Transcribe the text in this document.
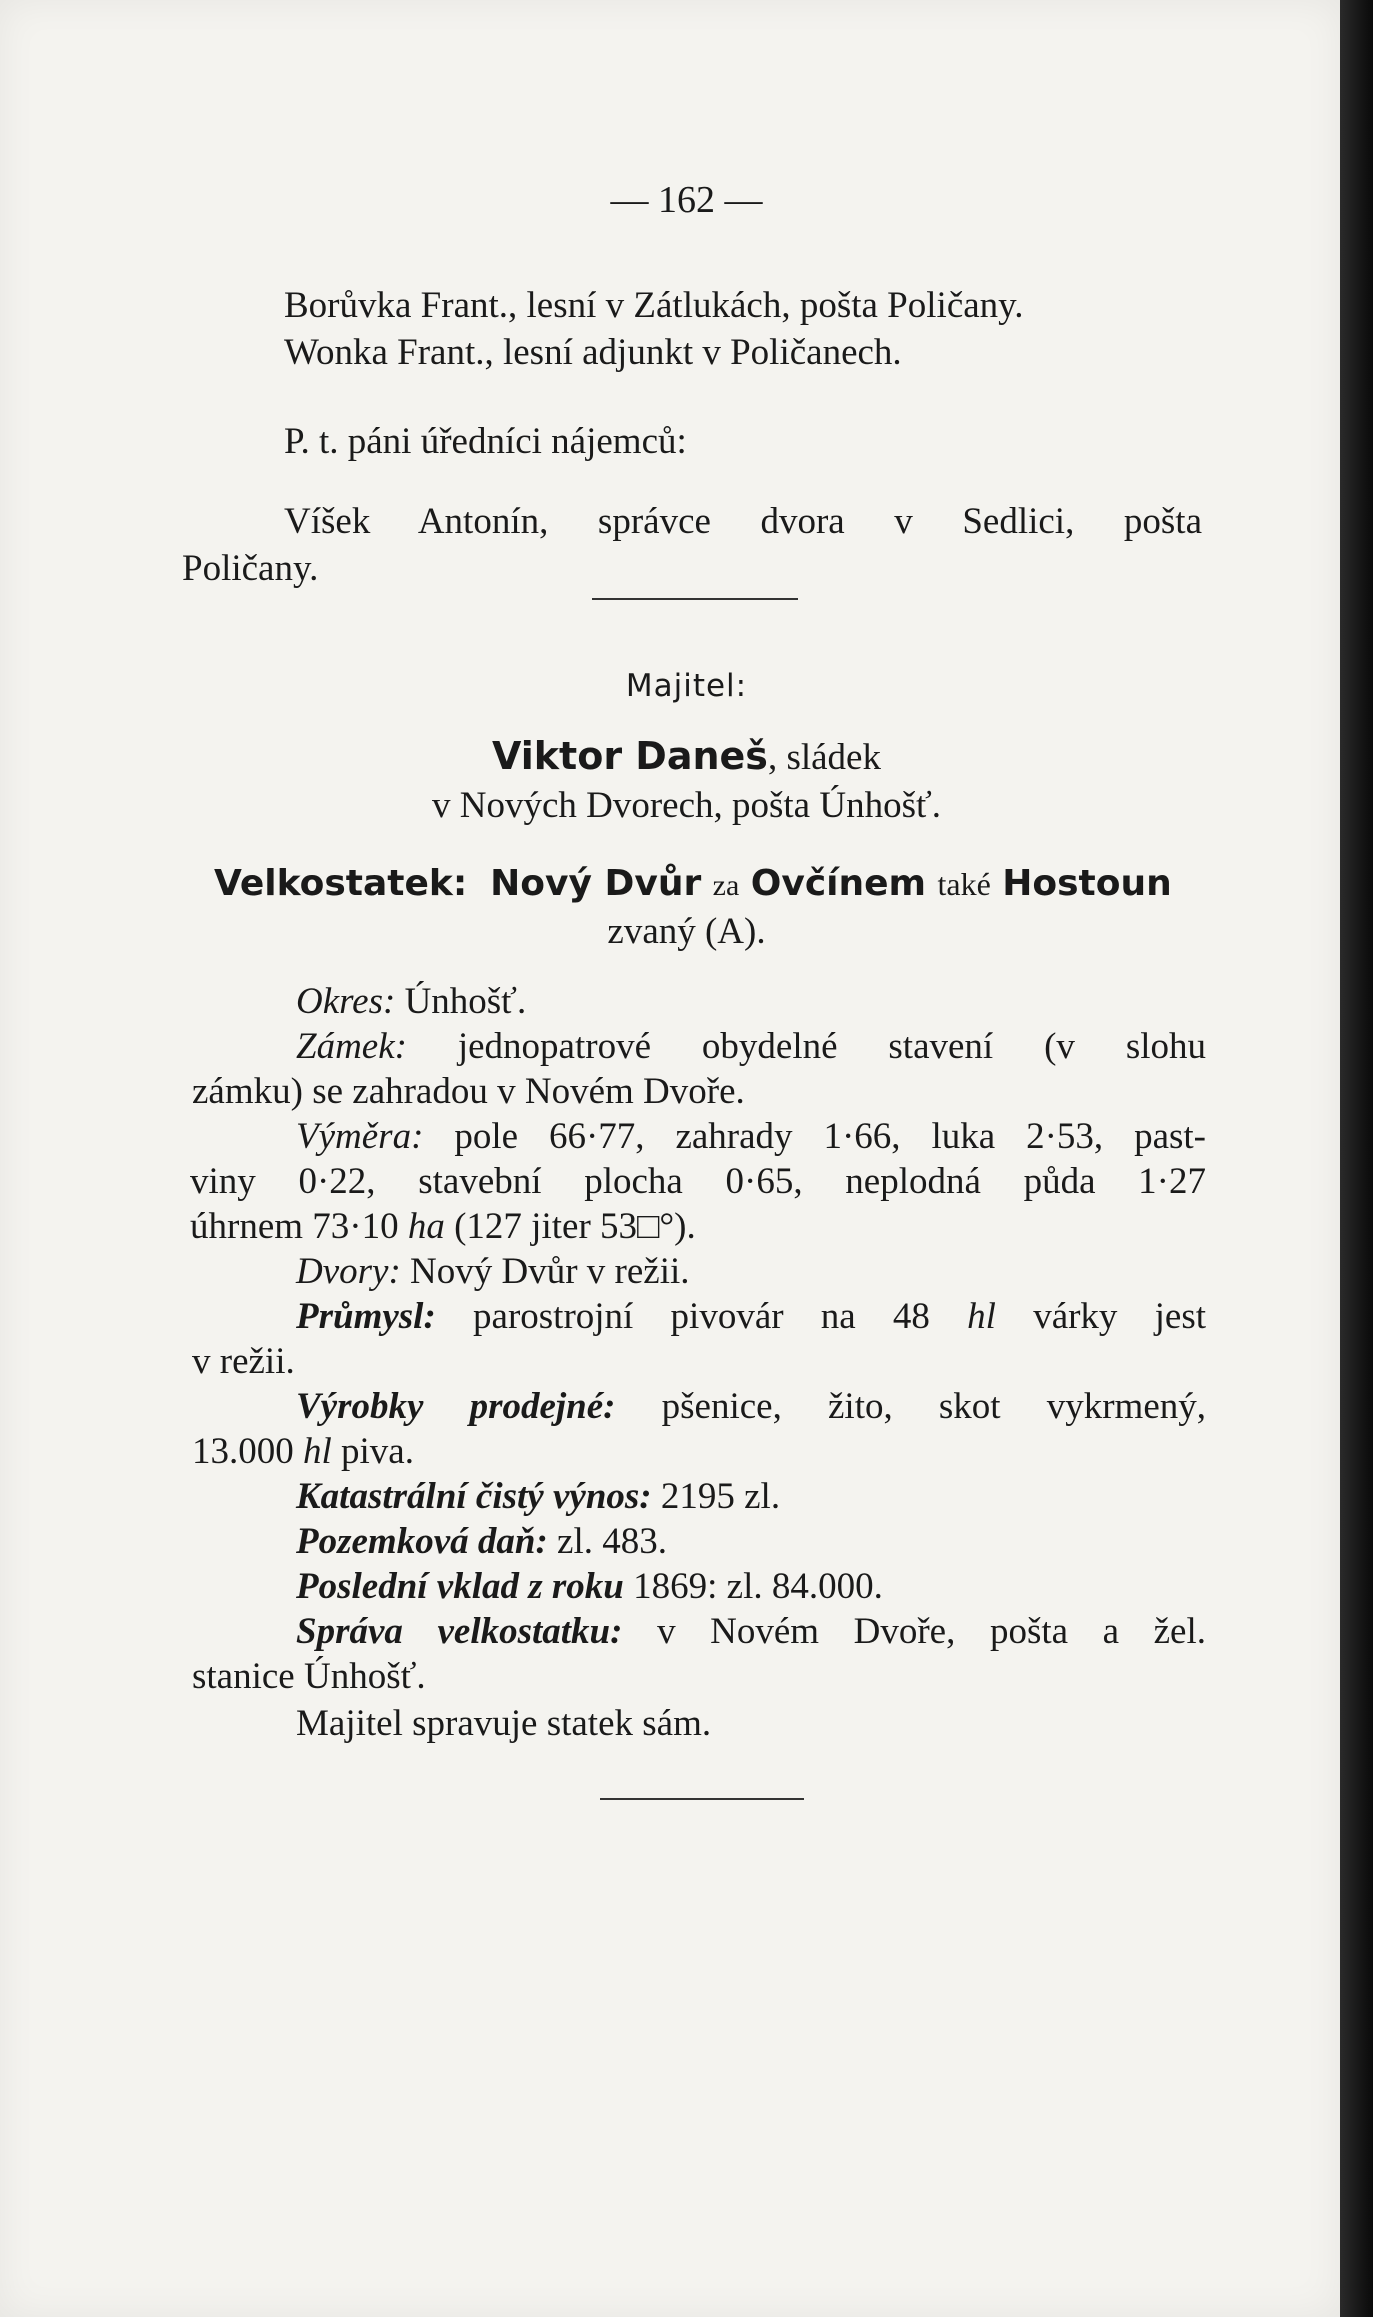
— 162 —
Borůvka Frant., lesní v Zátlukách, pošta Poličany.
Wonka Frant., lesní adjunkt v Poličanech.
P. t. páni úředníci nájemců:
Víšek Antonín, správce dvora v Sedlici, pošta
Poličany.
Majitel:
Viktor Daneš, sládek
v Nových Dvorech, pošta Únhošť.
Velkostatek: Nový Dvůr za Ovčínem také Hostoun
zvaný (A).
Okres: Únhošť.
Zámek: jednopatrové obydelné stavení (v slohu
zámku) se zahradou v Novém Dvoře.
Výměra: pole 66·77, zahrady 1·66, luka 2·53, past-
viny 0·22, stavební plocha 0·65, neplodná půda 1·27
úhrnem 73·10 ha (127 jiter 53□°).
Dvory: Nový Dvůr v režii.
Průmysl: parostrojní pivovár na 48 hl várky jest
v režii.
Výrobky prodejné: pšenice, žito, skot vykrmený,
13.000 hl piva.
Katastrální čistý výnos: 2195 zl.
Pozemková daň: zl. 483.
Poslední vklad z roku 1869: zl. 84.000.
Správa velkostatku: v Novém Dvoře, pošta a žel.
stanice Únhošť.
Majitel spravuje statek sám.
